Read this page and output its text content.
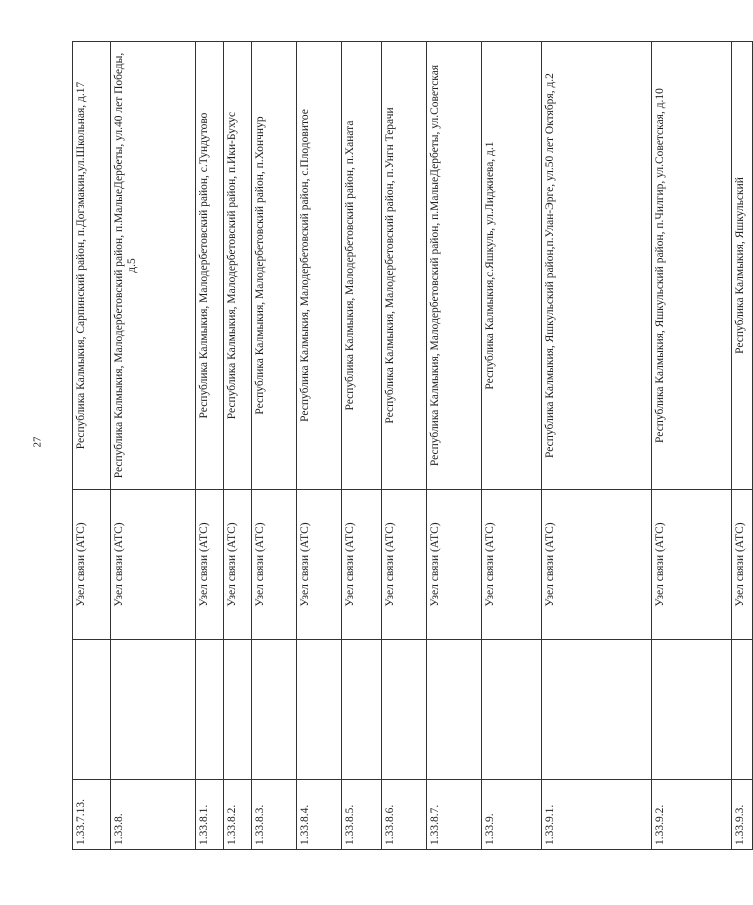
27
1.33.7.13.		Узел связи (АТС)	Республика Калмыкия, Сарпинский район, п.Догзмакин,ул.Школьная, д.17
1.33.8.		Узел связи (АТС)	Республика Калмыкия, Малодербетовский район, п.МалыеДербеты, ул.40 лет Победы, д.5
1.33.8.1.		Узел связи (АТС)	Республика Калмыкия, Малодербетовский район, с.Тундутово
1.33.8.2.		Узел связи (АТС)	Республика Калмыкия, Малодербетовский район, п.Ики-Бухус
1.33.8.3.		Узел связи (АТС)	Республика Калмыкия, Малодербетовский район, п.Хончнур
1.33.8.4.		Узел связи (АТС)	Республика Калмыкия, Малодербетовский район, с.Плодовитое
1.33.8.5.		Узел связи (АТС)	Республика Калмыкия, Малодербетовский район, п.Ханата
1.33.8.6.		Узел связи (АТС)	Республика Калмыкия, Малодербетовский район, п.Унгн Терачи
1.33.8.7.		Узел связи (АТС)	Республика Калмыкия, Малодербетовский район, п.МалыеДербеты, ул.Советская
1.33.9.		Узел связи (АТС)	Республика Калмыкия,с.Яшкуль, ул.Лиджиева, д.1
1.33.9.1.		Узел связи (АТС)	Республика Калмыкия, Яшкульский район,п.Улан-Эрге, ул.50 лет Октября, д.2
1.33.9.2.		Узел связи (АТС)	Республика Калмыкия, Яшкульский район, п.Чилгир, ул.Советская, д.10
1.33.9.3.		Узел связи (АТС)	Республика Калмыкия, Яшкульский
